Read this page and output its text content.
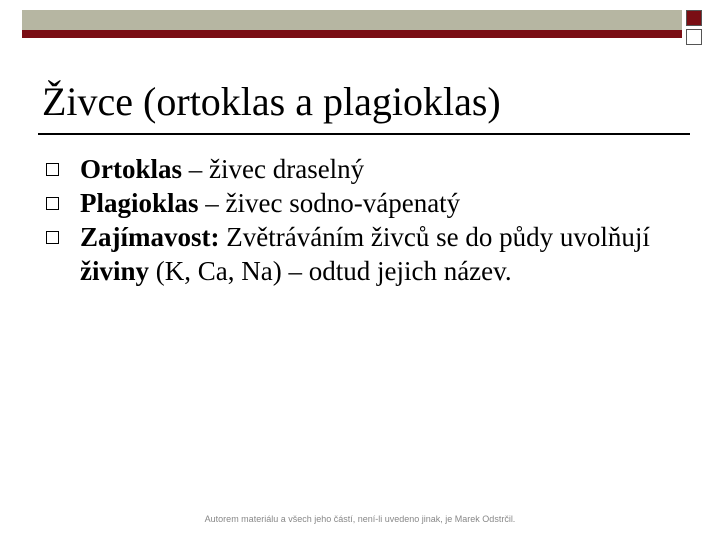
Živce (ortoklas a plagioklas)
Ortoklas – živec draselný
Plagioklas – živec sodno-vápenatý
Zajímavost: Zvětráváním živců se do půdy uvolňují živiny (K, Ca, Na) – odtud jejich název.
Autorem materiálu a všech jeho částí, není-li uvedeno jinak, je Marek Odstrčil.
